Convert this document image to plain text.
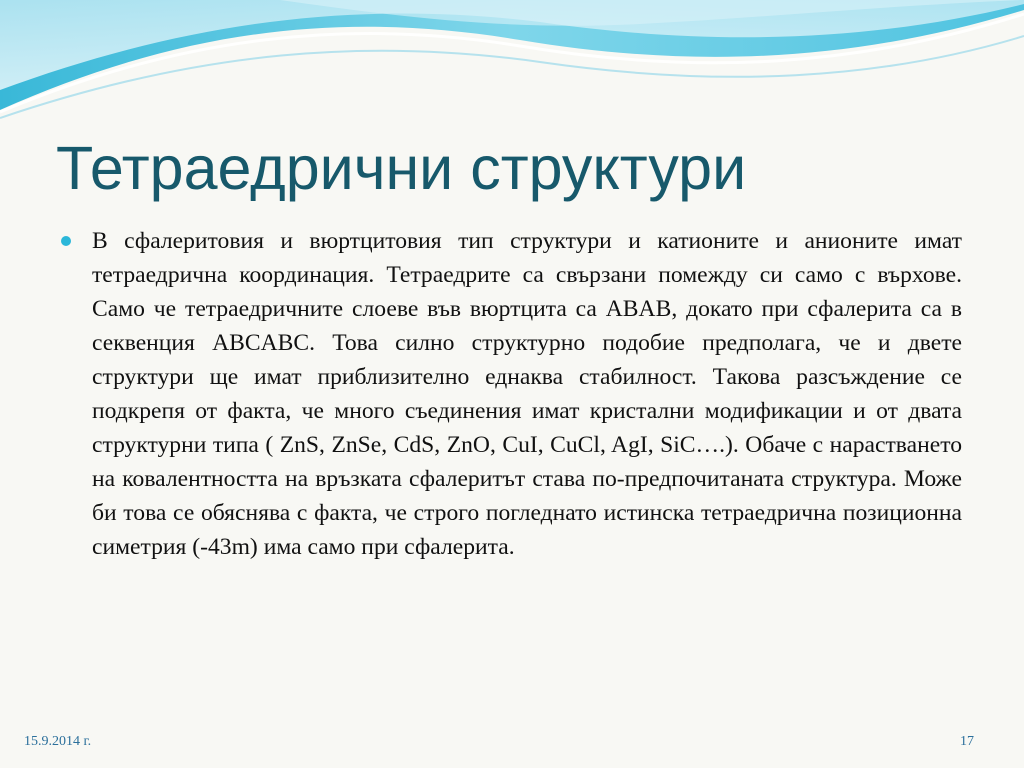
Тетраедрични структури

В сфалеритовия и вюртцитовия тип структури и катионите и анионите имат тетраедрична координация. Тетраедрите са свързани помежду си само с върхове. Само че тетраедричните слоеве във вюртцита са ABAB, докато при сфалерита са в секвенция ABCABC. Това силно структурно подобие предполага, че и двете структури ще имат приблизително еднаква стабилност. Такова разсъждение се подкрепя от факта, че много съединения имат кристални модификации и от двата структурни типа ( ZnS, ZnSe, CdS, ZnO, CuI, CuCl, AgI, SiC….). Обаче с нарастването на ковалентността на връзката сфалеритът става по-предпочитаната структура. Може би това се обяснява с факта, че строго погледнато истинска тетраедрична позиционна симетрия (-43m) има само при сфалерита.

15.9.2014 г.	17
